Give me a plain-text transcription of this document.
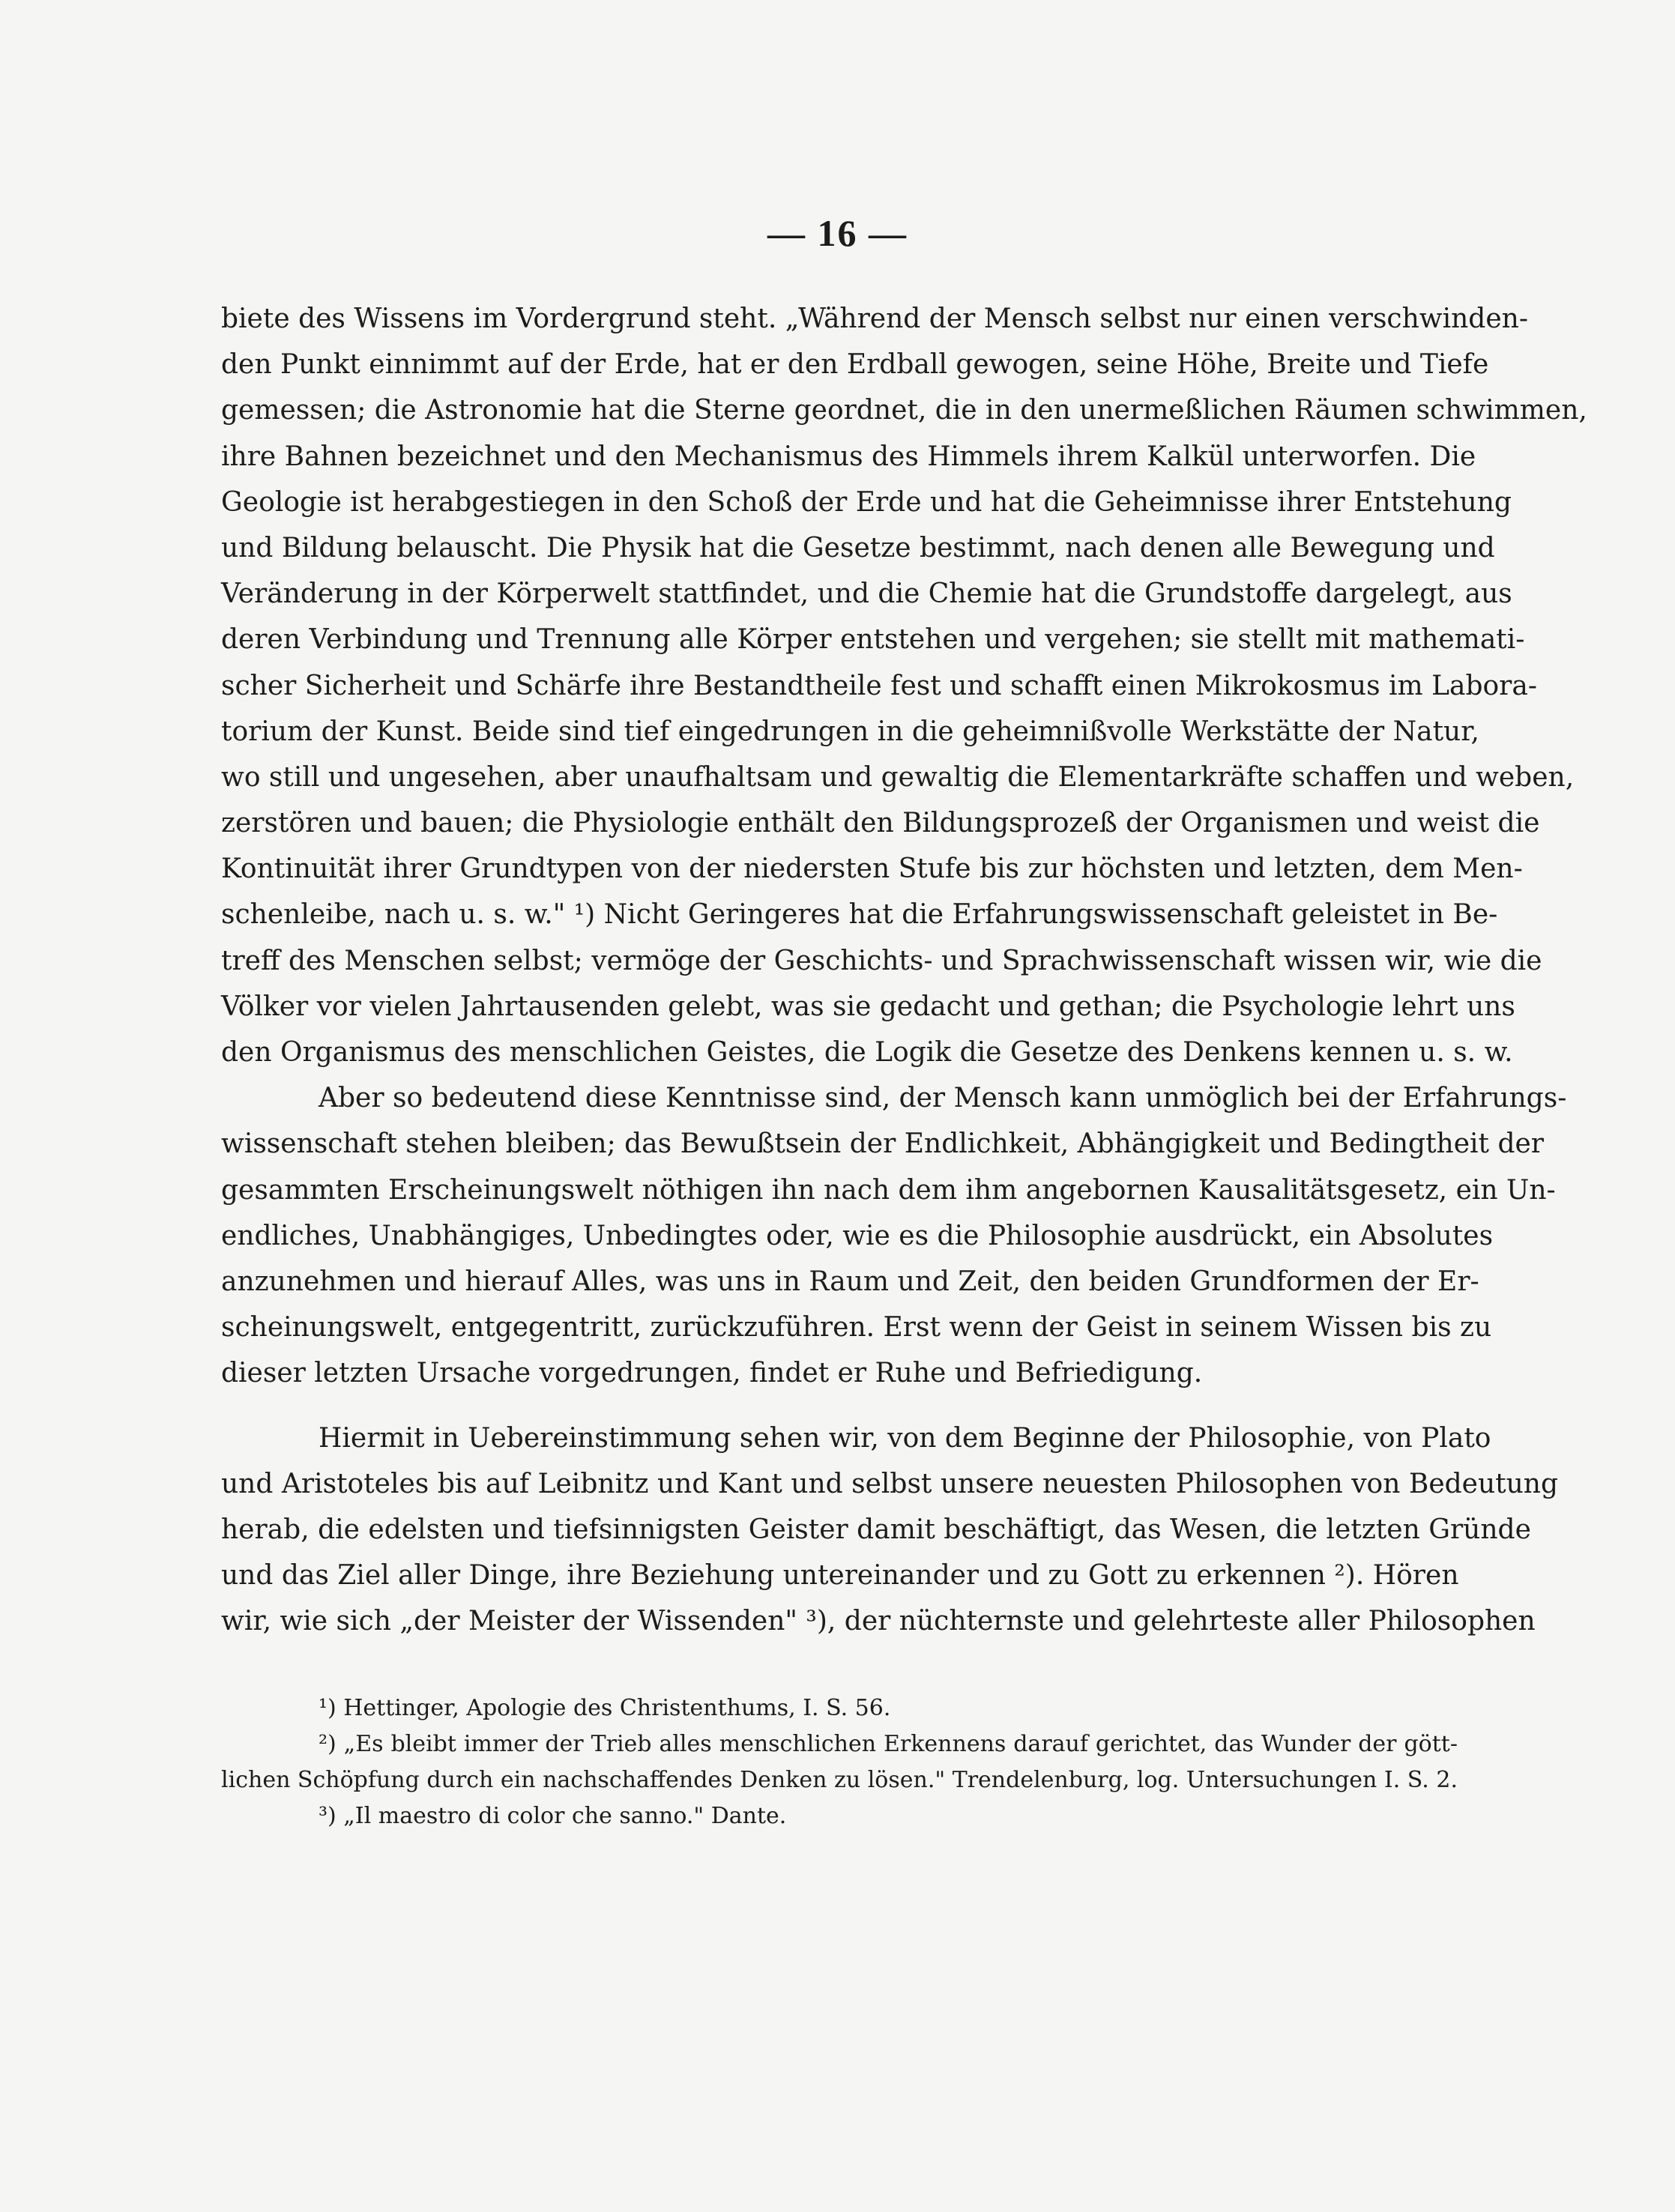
— 16 —
biete des Wissens im Vordergrund steht. „Während der Mensch selbst nur einen verschwinden-
den Punkt einnimmt auf der Erde, hat er den Erdball gewogen, seine Höhe, Breite und Tiefe
gemessen; die Astronomie hat die Sterne geordnet, die in den unermeßlichen Räumen schwimmen,
ihre Bahnen bezeichnet und den Mechanismus des Himmels ihrem Kalkül unterworfen. Die
Geologie ist herabgestiegen in den Schoß der Erde und hat die Geheimnisse ihrer Entstehung
und Bildung belauscht. Die Physik hat die Gesetze bestimmt, nach denen alle Bewegung und
Veränderung in der Körperwelt stattfindet, und die Chemie hat die Grundstoffe dargelegt, aus
deren Verbindung und Trennung alle Körper entstehen und vergehen; sie stellt mit mathemati-
scher Sicherheit und Schärfe ihre Bestandtheile fest und schafft einen Mikrokosmus im Labora-
torium der Kunst. Beide sind tief eingedrungen in die geheimnißvolle Werkstätte der Natur,
wo still und ungesehen, aber unaufhaltsam und gewaltig die Elementarkräfte schaffen und weben,
zerstören und bauen; die Physiologie enthält den Bildungsprozeß der Organismen und weist die
Kontinuität ihrer Grundtypen von der niedersten Stufe bis zur höchsten und letzten, dem Men-
schenleibe, nach u. s. w." ¹) Nicht Geringeres hat die Erfahrungswissenschaft geleistet in Be-
treff des Menschen selbst; vermöge der Geschichts- und Sprachwissenschaft wissen wir, wie die
Völker vor vielen Jahrtausenden gelebt, was sie gedacht und gethan; die Psychologie lehrt uns
den Organismus des menschlichen Geistes, die Logik die Gesetze des Denkens kennen u. s. w.
Aber so bedeutend diese Kenntnisse sind, der Mensch kann unmöglich bei der Erfahrungs-
wissenschaft stehen bleiben; das Bewußtsein der Endlichkeit, Abhängigkeit und Bedingtheit der
gesammten Erscheinungswelt nöthigen ihn nach dem ihm angebornen Kausalitätsgesetz, ein Un-
endliches, Unabhängiges, Unbedingtes oder, wie es die Philosophie ausdrückt, ein Absolutes
anzunehmen und hierauf Alles, was uns in Raum und Zeit, den beiden Grundformen der Er-
scheinungswelt, entgegentritt, zurückzuführen. Erst wenn der Geist in seinem Wissen bis zu
dieser letzten Ursache vorgedrungen, findet er Ruhe und Befriedigung.
Hiermit in Uebereinstimmung sehen wir, von dem Beginne der Philosophie, von Plato
und Aristoteles bis auf Leibnitz und Kant und selbst unsere neuesten Philosophen von Bedeutung
herab, die edelsten und tiefsinnigsten Geister damit beschäftigt, das Wesen, die letzten Gründe
und das Ziel aller Dinge, ihre Beziehung untereinander und zu Gott zu erkennen ²). Hören
wir, wie sich „der Meister der Wissenden" ³), der nüchternste und gelehrteste aller Philosophen
¹) Hettinger, Apologie des Christenthums, I. S. 56.
²) „Es bleibt immer der Trieb alles menschlichen Erkennens darauf gerichtet, das Wunder der gött-
lichen Schöpfung durch ein nachschaffendes Denken zu lösen." Trendelenburg, log. Untersuchungen I. S. 2.
³) „Il maestro di color che sanno." Dante.
